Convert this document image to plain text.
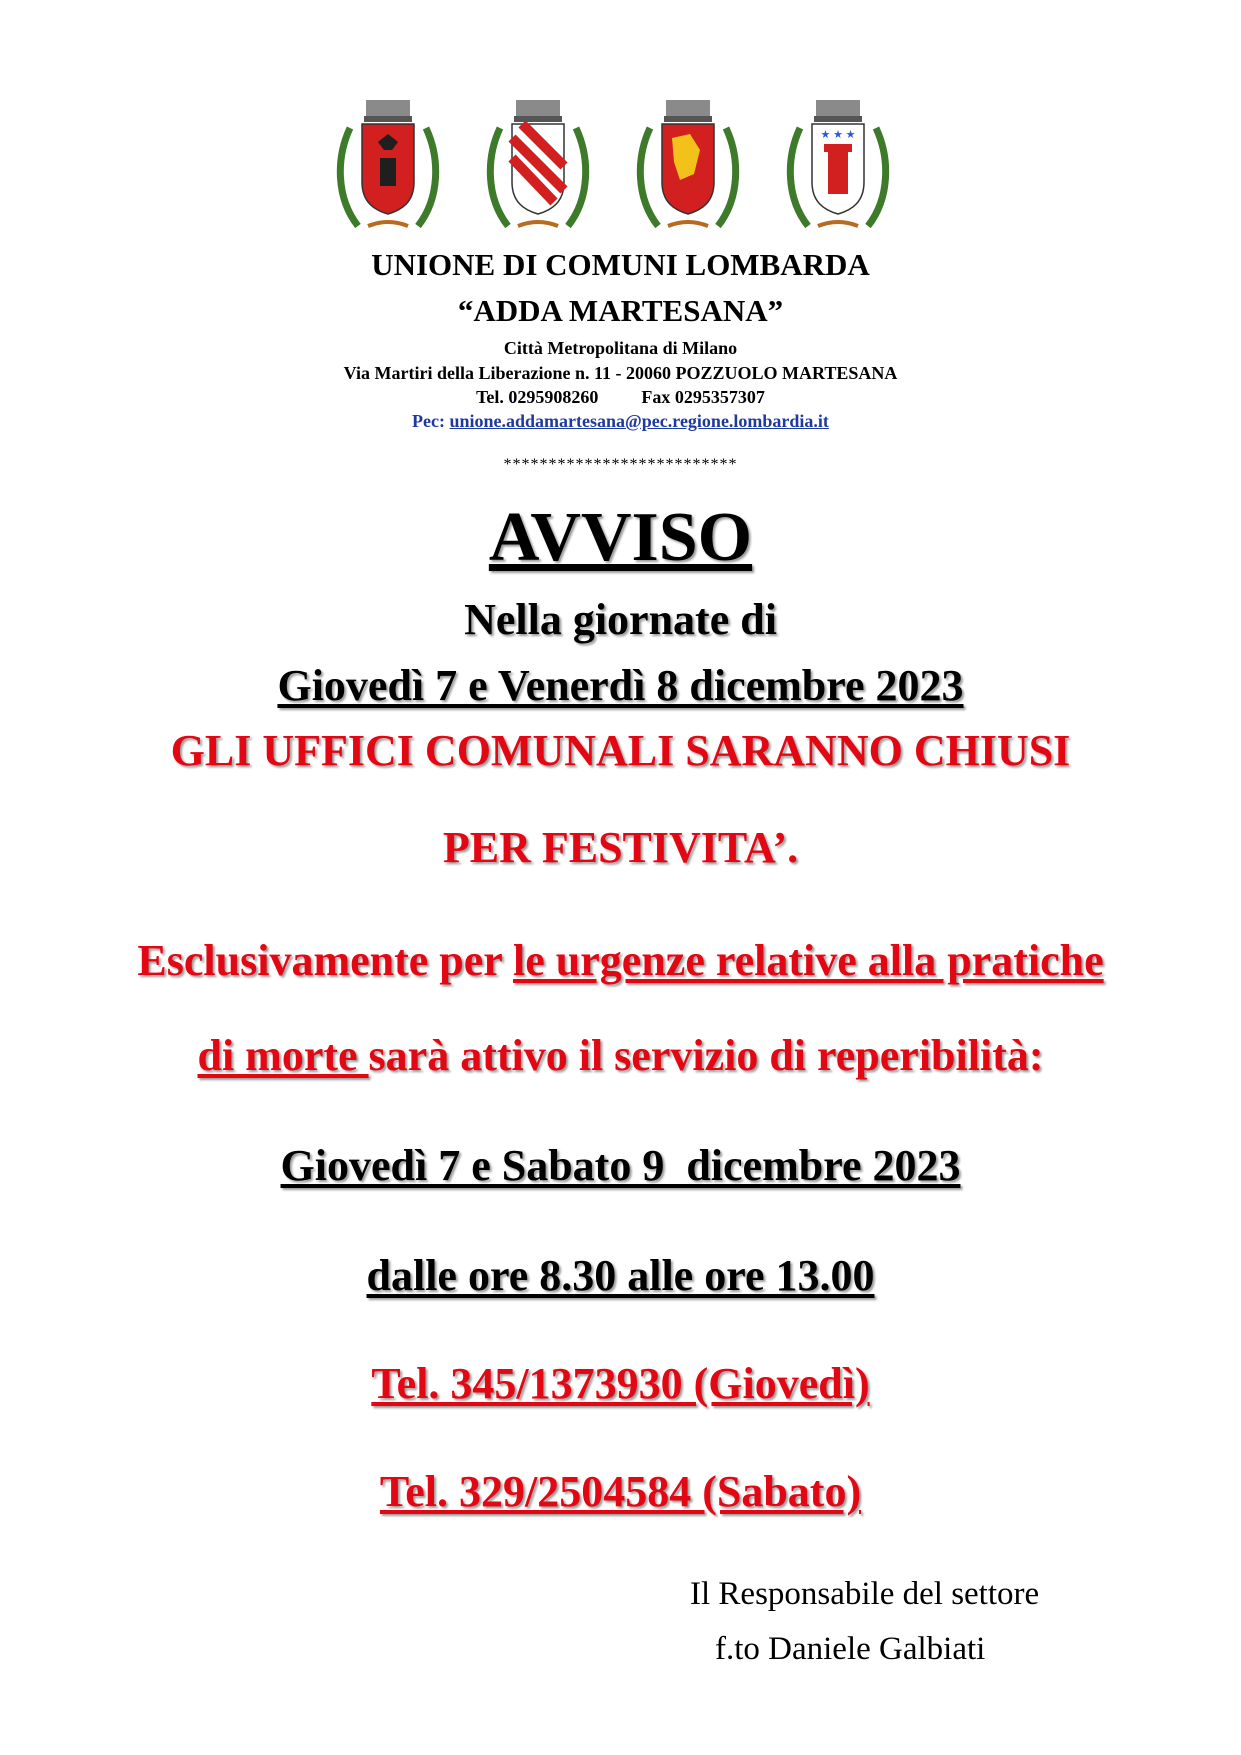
★ ★ ★
UNIONE DI COMUNI LOMBARDA
“ADDA MARTESANA”
Città Metropolitana di Milano
Via Martiri della Liberazione n. 11 - 20060 POZZUOLO MARTESANA
Tel. 0295908260 Fax 0295357307
Pec: unione.addamartesana@pec.regione.lombardia.it
**************************
AVVISO
Nella giornate di
Giovedì 7 e Venerdì 8 dicembre 2023
GLI UFFICI COMUNALI SARANNO CHIUSI
PER FESTIVITA’.
Esclusivamente per le urgenze relative alla pratiche
di morte sarà attivo il servizio di reperibilità:
Giovedì 7 e Sabato 9  dicembre 2023
dalle ore 8.30 alle ore 13.00
Tel. 345/1373930 (Giovedì)
Tel. 329/2504584 (Sabato)
Il Responsabile del settore
f.to Daniele Galbiati
